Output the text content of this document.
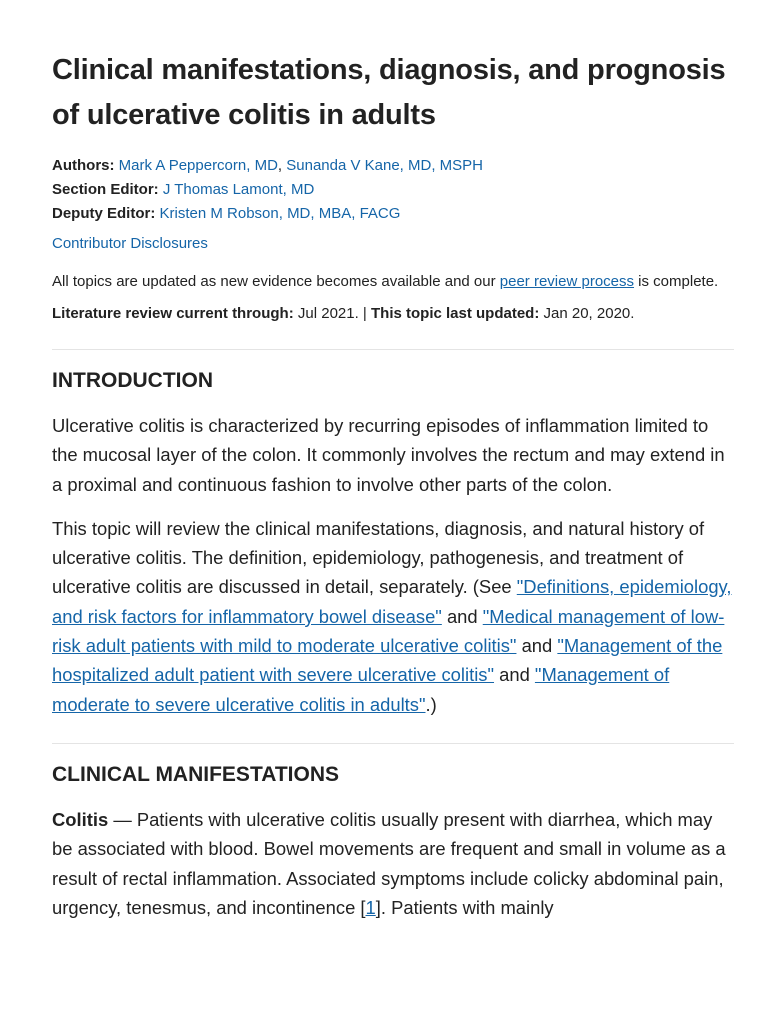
Clinical manifestations, diagnosis, and prognosis of ulcerative colitis in adults
Authors: Mark A Peppercorn, MD, Sunanda V Kane, MD, MSPH
Section Editor: J Thomas Lamont, MD
Deputy Editor: Kristen M Robson, MD, MBA, FACG
Contributor Disclosures
All topics are updated as new evidence becomes available and our peer review process is complete.
Literature review current through: Jul 2021. | This topic last updated: Jan 20, 2020.
INTRODUCTION

Ulcerative colitis is characterized by recurring episodes of inflammation limited to the mucosal layer of the colon. It commonly involves the rectum and may extend in a proximal and continuous fashion to involve other parts of the colon.

This topic will review the clinical manifestations, diagnosis, and natural history of ulcerative colitis. The definition, epidemiology, pathogenesis, and treatment of ulcerative colitis are discussed in detail, separately. (See "Definitions, epidemiology, and risk factors for inflammatory bowel disease" and "Medical management of low-risk adult patients with mild to moderate ulcerative colitis" and "Management of the hospitalized adult patient with severe ulcerative colitis" and "Management of moderate to severe ulcerative colitis in adults".)

CLINICAL MANIFESTATIONS

Colitis — Patients with ulcerative colitis usually present with diarrhea, which may be associated with blood. Bowel movements are frequent and small in volume as a result of rectal inflammation. Associated symptoms include colicky abdominal pain, urgency, tenesmus, and incontinence [1]. Patients with mainly
